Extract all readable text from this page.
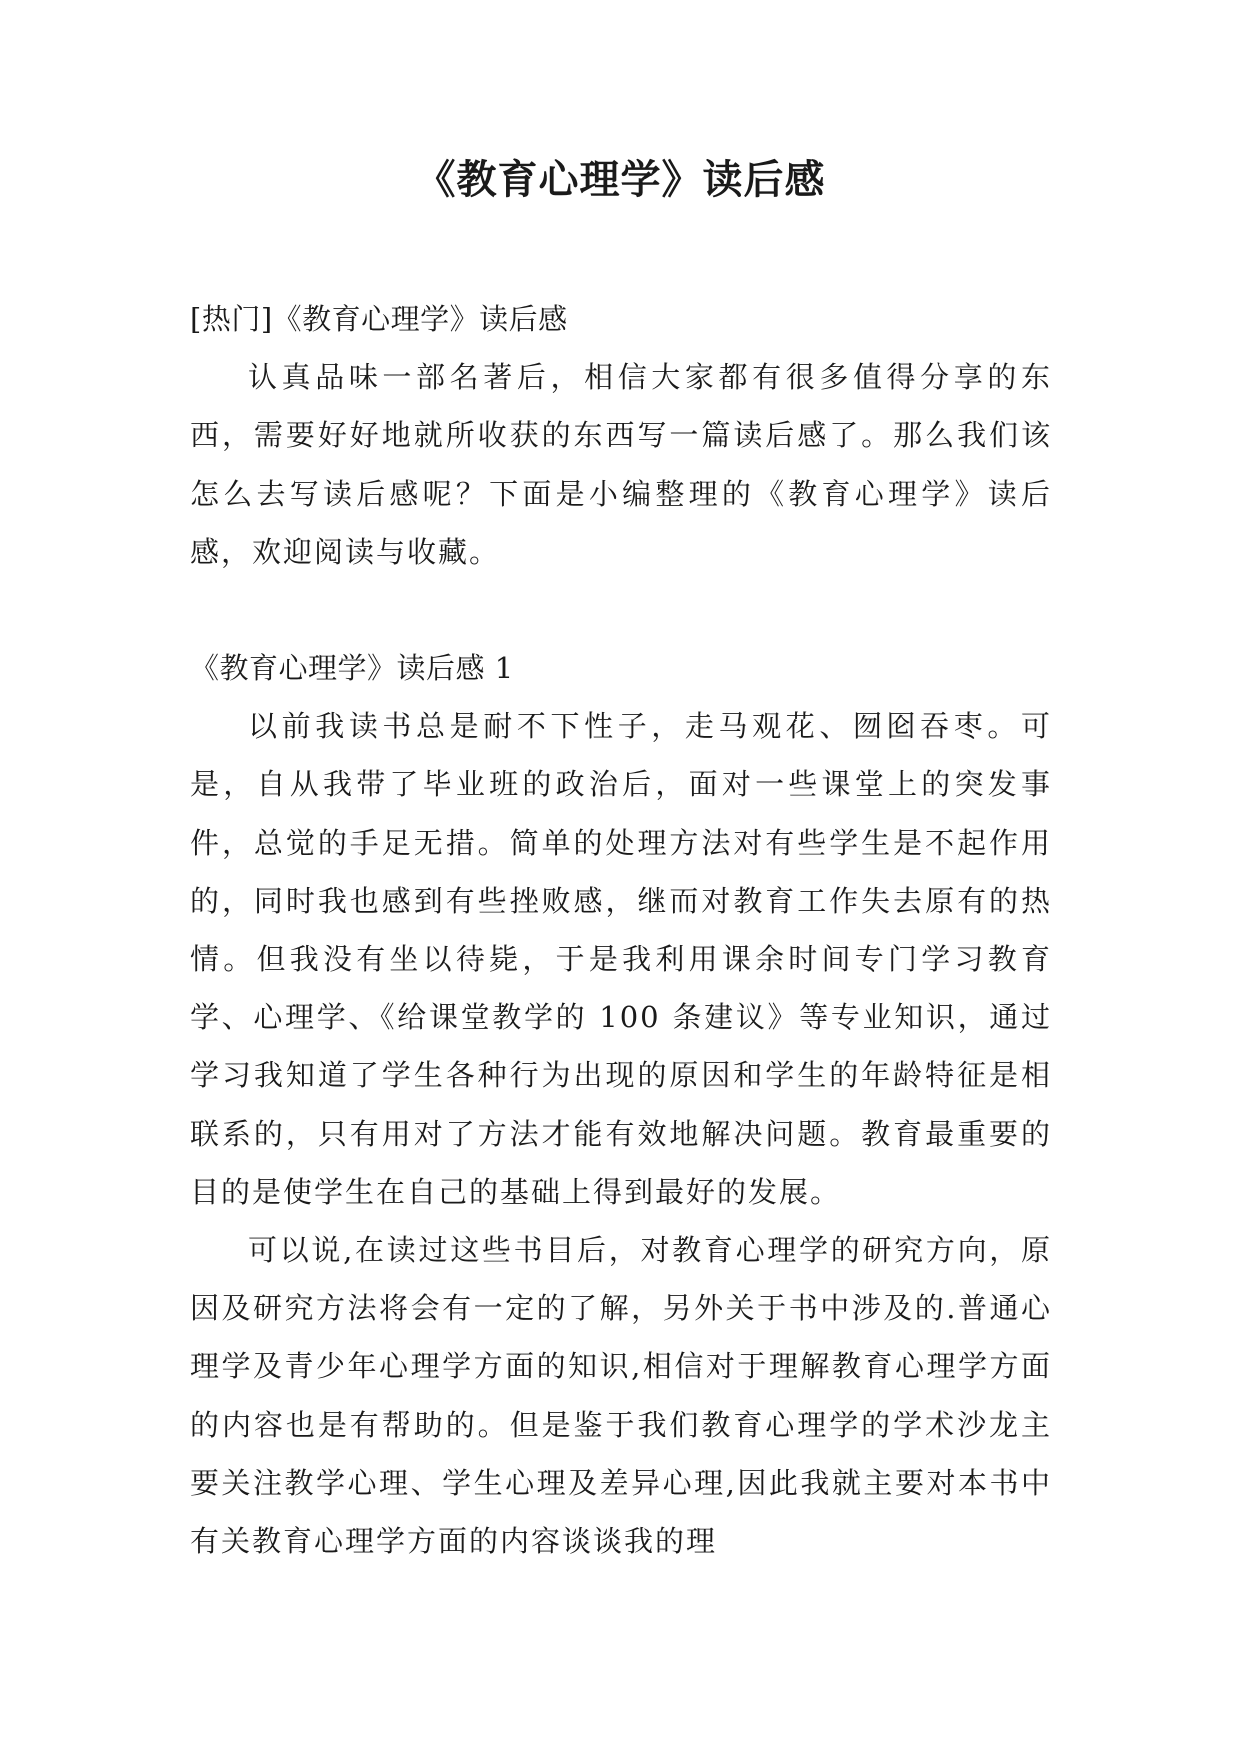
《教育心理学》读后感

[热门]《教育心理学》读后感

认真品味一部名著后，相信大家都有很多值得分享的东西，需要好好地就所收获的东西写一篇读后感了。那么我们该怎么去写读后感呢？下面是小编整理的《教育心理学》读后感，欢迎阅读与收藏。

《教育心理学》读后感 1

以前我读书总是耐不下性子，走马观花、囫囵吞枣。可是，自从我带了毕业班的政治后，面对一些课堂上的突发事件，总觉的手足无措。简单的处理方法对有些学生是不起作用的，同时我也感到有些挫败感，继而对教育工作失去原有的热情。但我没有坐以待毙，于是我利用课余时间专门学习教育学、心理学、《给课堂教学的 100 条建议》等专业知识，通过学习我知道了学生各种行为出现的原因和学生的年龄特征是相联系的，只有用对了方法才能有效地解决问题。教育最重要的目的是使学生在自己的基础上得到最好的发展。

可以说,在读过这些书目后，对教育心理学的研究方向，原因及研究方法将会有一定的了解，另外关于书中涉及的.普通心理学及青少年心理学方面的知识,相信对于理解教育心理学方面的内容也是有帮助的。但是鉴于我们教育心理学的学术沙龙主要关注教学心理、学生心理及差异心理,因此我就主要对本书中有关教育心理学方面的内容谈谈我的理
